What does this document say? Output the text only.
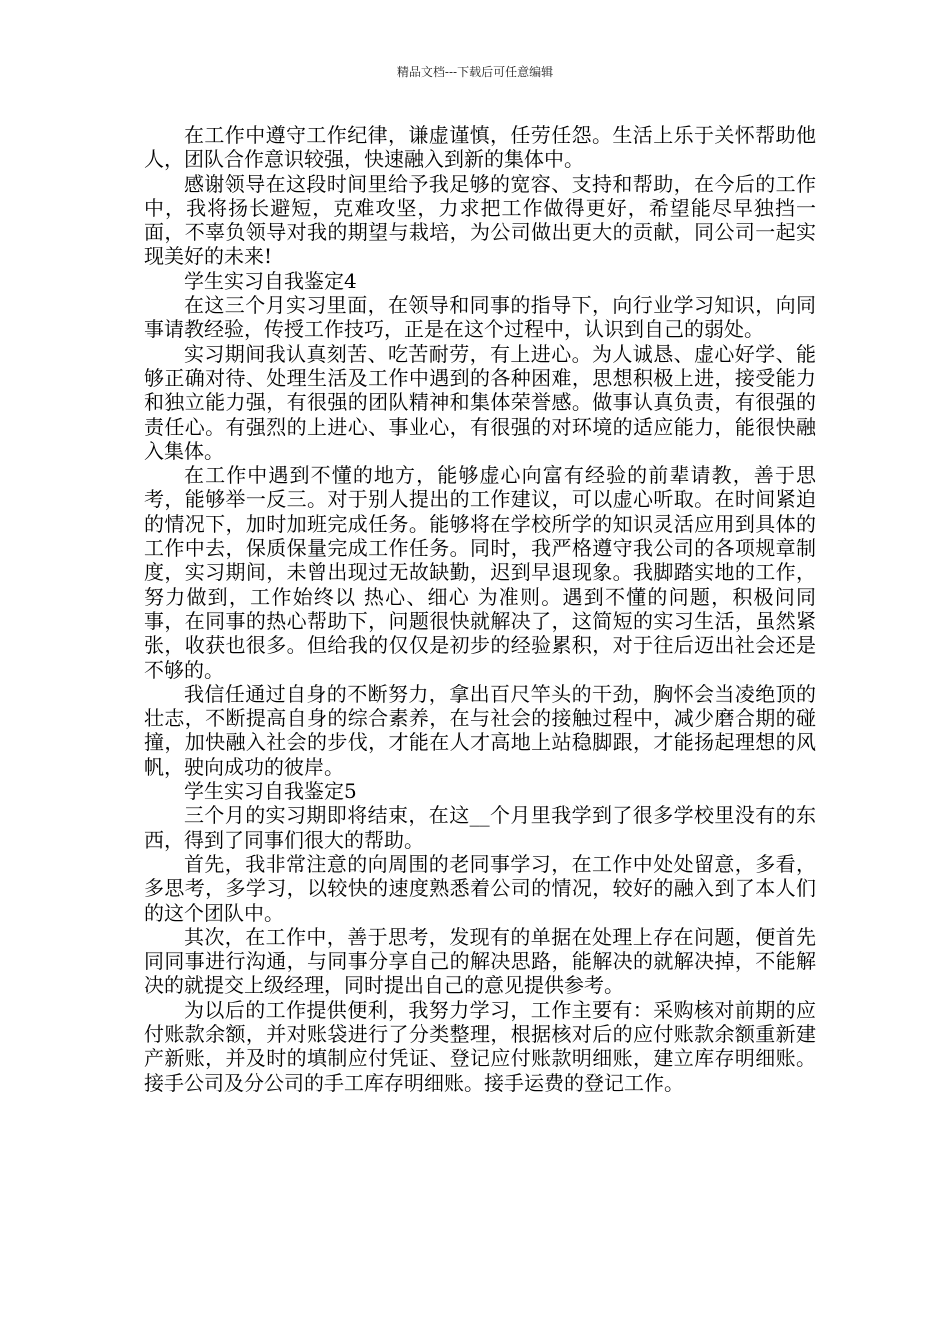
精品文档---下载后可任意编辑

在工作中遵守工作纪律，谦虚谨慎，任劳任怨。生活上乐于关怀帮助他人，团队合作意识较强，快速融入到新的集体中。

感谢领导在这段时间里给予我足够的宽容、支持和帮助，在今后的工作中，我将扬长避短，克难攻坚，力求把工作做得更好，希望能尽早独挡一面，不辜负领导对我的期望与栽培，为公司做出更大的贡献，同公司一起实现美好的未来!

学生实习自我鉴定4

在这三个月实习里面，在领导和同事的指导下，向行业学习知识，向同事请教经验，传授工作技巧，正是在这个过程中，认识到自己的弱处。

实习期间我认真刻苦、吃苦耐劳，有上进心。为人诚恳、虚心好学、能够正确对待、处理生活及工作中遇到的各种困难，思想积极上进，接受能力和独立能力强，有很强的团队精神和集体荣誉感。做事认真负责，有很强的责任心。有强烈的上进心、事业心，有很强的对环境的适应能力，能很快融入集体。

在工作中遇到不懂的地方，能够虚心向富有经验的前辈请教，善于思考，能够举一反三。对于别人提出的工作建议，可以虚心听取。在时间紧迫的情况下，加时加班完成任务。能够将在学校所学的知识灵活应用到具体的工作中去，保质保量完成工作任务。同时，我严格遵守我公司的各项规章制度，实习期间，未曾出现过无故缺勤，迟到早退现象。我脚踏实地的工作，努力做到，工作始终以 热心、细心 为准则。遇到不懂的问题，积极问同事，在同事的热心帮助下，问题很快就解决了，这简短的实习生活，虽然紧张，收获也很多。但给我的仅仅是初步的经验累积，对于往后迈出社会还是不够的。

我信任通过自身的不断努力，拿出百尺竿头的干劲，胸怀会当凌绝顶的壮志，不断提高自身的综合素养，在与社会的接触过程中，减少磨合期的碰撞，加快融入社会的步伐，才能在人才高地上站稳脚跟，才能扬起理想的风帆，驶向成功的彼岸。

学生实习自我鉴定5

三个月的实习期即将结束，在这__个月里我学到了很多学校里没有的东西，得到了同事们很大的帮助。

首先，我非常注意的向周围的老同事学习，在工作中处处留意，多看，多思考，多学习，以较快的速度熟悉着公司的情况，较好的融入到了本人们的这个团队中。

其次，在工作中，善于思考，发现有的单据在处理上存在问题，便首先同同事进行沟通，与同事分享自己的解决思路，能解决的就解决掉，不能解决的就提交上级经理，同时提出自己的意见提供参考。

为以后的工作提供便利，我努力学习，工作主要有：采购核对前期的应付账款余额，并对账袋进行了分类整理，根据核对后的应付账款余额重新建产新账，并及时的填制应付凭证、登记应付账款明细账，建立库存明细账。接手公司及分公司的手工库存明细账。接手运费的登记工作。
